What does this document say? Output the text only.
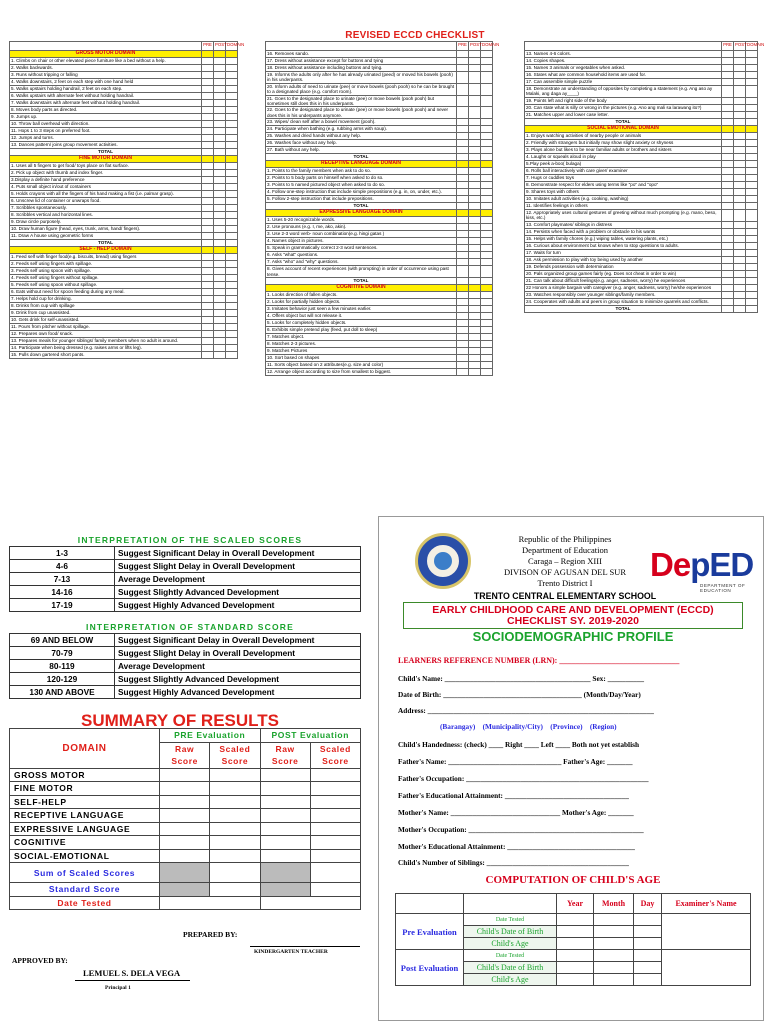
REVISED ECCD CHECKLIST
	PRE	POST	DOMAIN
GROSS MOTOR DOMAIN			
1. Climbs on chair or other elevated piece furniture like a bed without a help.			
2. Walks backwards.			
3. Runs without tripping or falling			
4. Walks downstairs, 2 feet on each step with one hand held			
5. Walks upstairs holding handrail, 2 feet on each step.			
6. Walks upstairs with alternate feet without holding handrail.			
7. Walks downstairs with alternate feet without holding handrail.			
8. Moves body parts as directed.			
9. Jumps up.			
10. Throw ball overhead with direction.			
11. Hops 1 to 3 steps on preferred foot.			
12. Jumps and turns.			
13. Dances pattern/ joins group movement activities.			
TOTAL			
FINE MOTOR DOMAIN			
1. Uses all 5 fingers to get food/ toys place on flat surface.			
2. Pick up object with thumb and index finger.			
3.Display a definite hand preference			
4. Puts small object in/out of containers			
5. Holds crayons with all the fingers of his hand making a fist (i.e. palmar grasp).			
6. Unscrew lid of container or unwraps food.			
7. Scribbles spontaneously.			
8. Scribbles vertical and horizontal lines.			
9. Draw circle purposely.			
10. Draw human figure (head, eyes, trunk, arms, hand/ fingers).			
11. Draw A house using geometric forms			
TOTAL			
SELF - HELP DOMAIN			
1. Feed self with finger food(e.g. biscuits, bread) using fingers			
2. Feeds self using fingers with spillage.			
3. Feeds self using spoon with spillage.			
4. Feeds self using fingers without spillage.			
5. Feeds self using spoon without spillage.			
6. Eats without need for spoon feeding during any meal.			
7. Helps hold cup for drinking.			
8. Drinks from cup with spillage			
9. Drink from cup unassisted.			
10. Gets drink for self-unassisted.			
11. Pours from pitcher without spillage.			
12. Prepares own food/ snack.			
13. Prepares meals for younger siblings/ family members when no adult is around.			
14. Participate when being dressed (e.g. raises arms or lifts leg).			
15. Pulls down gartered short pants.			
	PRE	POST	DOMAIN
16. Removes sando.			
17. Dress without assistance except for buttons and tying			
18. Dress without assistance including buttons and tying.			
19. Informs the adults only after he has already urinated (peed) or moved his bowels (pooh) in his underpants.			
20. Inform adults of need to urinate (pee) or move bowels (pooh pooh) so he can be brought to a designated place (e.g. comfort room).			
21. Goes to the designated place to urinate (pee) or move bowels (pooh pooh) but sometimes still does this in his underpants.			
22. Goes to the designated place to urinate (pee) or move bowels (pooh pooh) and never does this in his underpants anymore.			
23. Wipes/ clean self after a bowel movement (pooh).			
24. Participate when bathing (e.g. rubbing arms with soup).			
25. Washes and dried hands without any help.			
26. Washes face without any help.			
27. Bath without any help.			
TOTAL			
RECEPTIVE LANGUAGE DOMAIN			
1. Points to the family members when ask to do so.			
2. Points to 5 body parts on himself when asked to do so.			
3. Points to 5 named pictured object when asked to do so.			
4. Follow one-step instruction that include simple prepositions (e.g. in, on, under, etc.).			
5. Follow 2-step instruction that include prepositions.			
TOTAL			
EXPRESSIVE LANGUAGE DOMAIN			
1. Uses 5-20 recognizable words.			
2. Use pronouns (e.g. I, me, ako, akin).			
3. Use 2-3 word verb- noun combination(e.g. hingi gatas )			
4. Names object in pictures.			
5. Speak in grammatically correct 2-3 word sentences.			
6. Asks "what" questions.			
7. Asks "who" and "why" questions.			
8. Gives account of recent experiences (with prompting) in order of occurrence using past tense.			
TOTAL			
COGNITIVE DOMAIN			
1. Looks direction of fallen objects.			
2. Looks for partially hidden objects.			
3. Imitates behavior just seen a few minutes earlier.			
4. Offers object but will not release it.			
5. Looks for completely hidden objects.			
6. Exhibits simple pretend play (feed, put doll to sleep)			
7. Matches object.			
8. Matches 2-3 pictures.			
9. Matches Pictures			
10. Sort based on shapes			
11. Sorts object based on 2 attributes(e.g. size and color)			
12. Arrange object according to size from smallest to biggest.			
	PRE	POST	DOMAIN
13. Names 4-6 colors.			
14. Copies shapes.			
15. Names 3 animals or vegetables when asked.			
16. States what are common household items are used for.			
17. Can assemble simple puzzle			
18. Demonstrate an understanding of opposites by completing a statement (e.g. Ang aso ay Malaki, ang daga ay____)			
19. Points left and right side of the body			
20. Can state what is silly or wrong in the pictures (e.g. Ano ang mali sa larawang ito?)			
21. Matches upper and lower case letter.			
TOTAL			
SOCIAL EMOTIONAL DOMAIN			
1. Enjoys watching activities of nearby people or animals			
2. Friendly with strangers but initially may show slight anxiety or shyness			
3. Plays alone but likes to be near familiar adults or brothers and sisters			
4. Laughs or squeals aloud in play			
5.Play peek a-boo( bulaga)			
6. Rolls ball interactively with care giver/ examiner			
7. Hugs or cuddles toys			
8. Demonstrate respect for elders using terms like "po" and "opo"			
9. Shares toys with others			
10. Imitates adult activities (e.g. cooking, washing)			
11. Identifies feelings in others			
12. Appropriately uses cultural gestures of greeting without much prompting (e.g. mano, beso, kiss, etc.)			
13. Comfort playmates/ siblings in distress			
14. Persists when faced with a problem or obstacle to his wants			
15. Helps with family chores (e.g.) wiping tables, watering plants, etc.)			
16. Curious about environment but knows when to stop questions to adults.			
17. Waits for turn			
18. Ask permission to play with toy being used by another			
19. Defends possession with determination			
20. Pals organized group games fairly (eg. Does not cheat in order to win)			
21. Can talk about difficult feelings(e.g. anger, sadness, worry) he experiences			
22 Honors a simple bargain with caregiver (e.g. anger, sadness, worry) he/she experiences			
23. Watches responsibly over younger siblings/family members.			
24. Cooperates with adults and peers in group situation to minimize quarrels and conflicts.			
TOTAL			
INTERPRETATION OF THE SCALED SCORES
1-3	Suggest Significant Delay in Overall Development
4-6	Suggest Slight Delay in Overall Development
7-13	Average Development
14-16	Suggest Slightly Advanced Development
17-19	Suggest Highly Advanced Development
INTERPRETATION OF STANDARD SCORE
69 AND BELOW	Suggest Significant Delay in Overall Development
70-79	Suggest Slight Delay in Overall Development
80-119	Average Development
120-129	Suggest Slightly Advanced Development
130 AND ABOVE	Suggest Highly Advanced Development
SUMMARY OF RESULTS
DOMAIN	PRE Evaluation		POST Evaluation	
	Raw Score	Scaled Score	Raw Score	Scaled Score
GROSS MOTOR				
FINE MOTOR				
SELF-HELP				
RECEPTIVE LANGUAGE				
EXPRESSIVE LANGUAGE				
COGNITIVE				
SOCIAL-EMOTIONAL				
Sum of Scaled Scores				
Standard Score				
Date Tested				
PREPARED BY:
KINDERGARTEN TEACHER
APPROVED BY:
LEMUEL S. DELA VEGA
Principal 1
DepED
DEPARTMENT OF EDUCATION
Republic of the Philippines
Department of Education
Caraga – Region XIII
DIVISON OF AGUSAN DEL SUR
Trento District I
TRENTO CENTRAL ELEMENTARY SCHOOL
EARLY CHILDHOOD CARE AND DEVELOPMENT (ECCD)
CHECKLIST SY. 2019-2020
SOCIODEMOGRAPHIC PROFILE
LEARNERS REFERENCE NUMBER (LRN): ______________________________
Child's Name: ________________________________________ Sex: __________
Date of Birth: ______________________________________ (Month/Day/Year)
Address: ______________________________________________________________
(Barangay)    (Municipality/City)    (Province)    (Region)
Child's Handedness: (check) ____ Right ____ Left ____ Both not yet establish
Father's Name: _______________________________ Father's Age: _______
Father's Occupation: __________________________________________________
Father's Educational Attainment: __________________________________
Mother's Name: ______________________________ Mother's Age: _______
Mother's Occupation: ________________________________________________
Mother's Educational Attainment: ___________________________________
Child's Number of Siblings: _______________________________________
COMPUTATION OF CHILD'S AGE
		Year	Month	Day	Examiner's Name
Pre Evaluation	Date Tested				
	Child's Date of Birth				
	Child's Age				
Post Evaluation	Date Tested				
	Child's Date of Birth				
	Child's Age				
